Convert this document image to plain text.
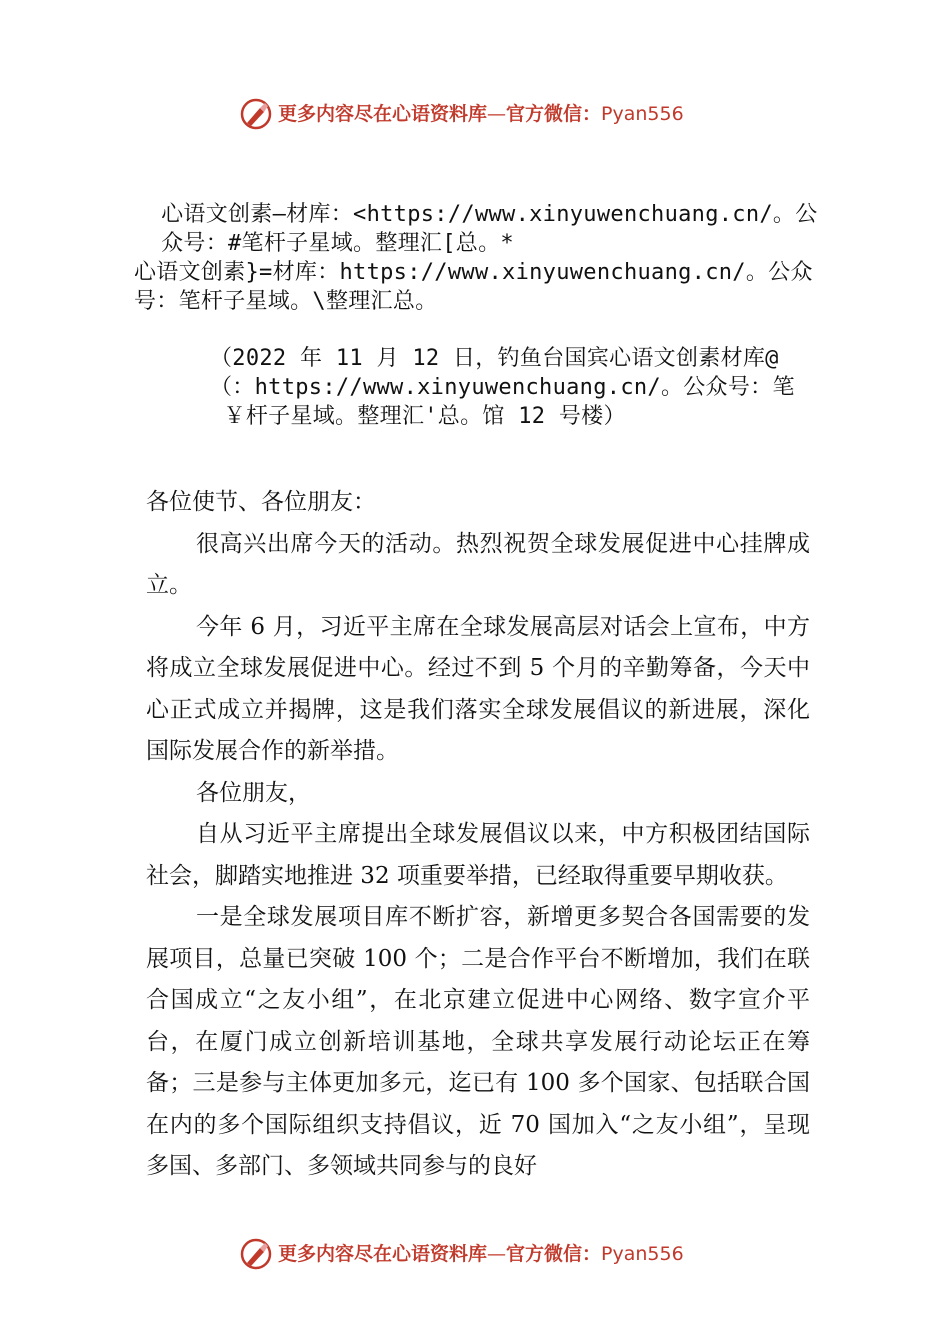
更多内容尽在心语资料库—官方微信：Pyan556
心语文创素—材库：<https://www.xinyuwenchuang.cn/。公
众号：#笔杆子星域。整理汇[总。*
心语文创素}=材库：https://www.xinyuwenchuang.cn/。公众
号：笔杆子星域。\整理汇总。
（2022 年 11 月 12 日，钓鱼台国宾心语文创素材库@
（：https://www.xinyuwenchuang.cn/。公众号：笔
￥杆子星域。整理汇'总。馆 12 号楼）

各位使节、各位朋友：

很高兴出席今天的活动。热烈祝贺全球发展促进中心挂牌成立。

今年 6 月，习近平主席在全球发展高层对话会上宣布，中方将成立全球发展促进中心。经过不到 5 个月的辛勤筹备，今天中心正式成立并揭牌，这是我们落实全球发展倡议的新进展，深化国际发展合作的新举措。

各位朋友，

自从习近平主席提出全球发展倡议以来，中方积极团结国际社会，脚踏实地推进 32 项重要举措，已经取得重要早期收获。

一是全球发展项目库不断扩容，新增更多契合各国需要的发展项目，总量已突破 100 个；二是合作平台不断增加，我们在联合国成立“之友小组”，在北京建立促进中心网络、数字宣介平台，在厦门成立创新培训基地，全球共享发展行动论坛正在筹备；三是参与主体更加多元，迄已有 100 多个国家、包括联合国在内的多个国际组织支持倡议，近 70 国加入“之友小组”，呈现多国、多部门、多领域共同参与的良好

更多内容尽在心语资料库—官方微信：Pyan556
